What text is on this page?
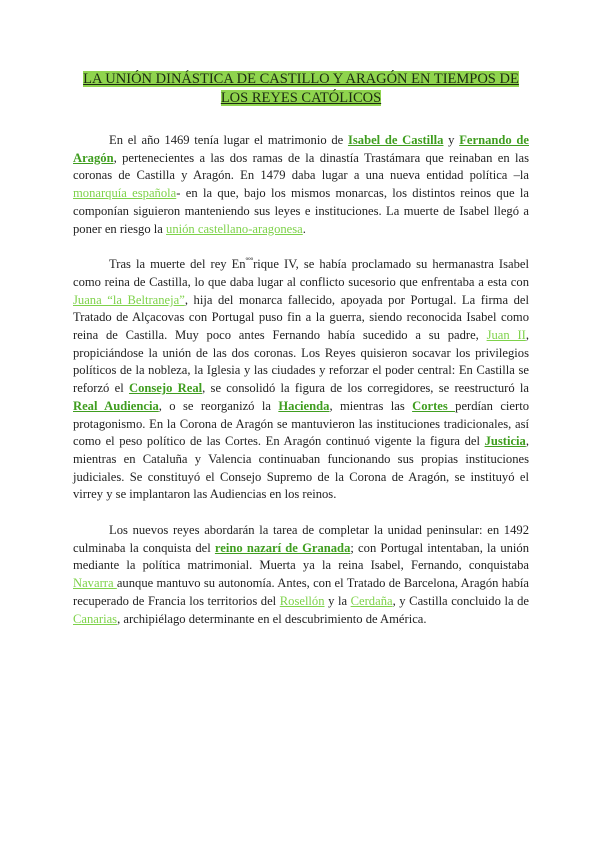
LA UNIÓN DINÁSTICA DE CASTILLO Y ARAGÓN EN TIEMPOS DE LOS REYES CATÓLICOS

En el año 1469 tenía lugar el matrimonio de Isabel de Castilla y Fernando de Aragón, pertenecientes a las dos ramas de la dinastía Trastámara que reinaban en las coronas de Castilla y Aragón. En 1479 daba lugar a una nueva entidad política –la monarquía española- en la que, bajo los mismos monarcas, los distintos reinos que la componían siguieron manteniendo sus leyes e instituciones. La muerte de Isabel llegó a poner en riesgo la unión castellano-aragonesa.

Tras la muerte del rey $En^{ººº}rique$ IV, se había proclamado su hermanastra Isabel como reina de Castilla, lo que daba lugar al conflicto sucesorio que enfrentaba a esta con Juana “la Beltraneja”, hija del monarca fallecido, apoyada por Portugal. La firma del Tratado de Alçacovas con Portugal puso fin a la guerra, siendo reconocida Isabel como reina de Castilla. Muy poco antes Fernando había sucedido a su padre, Juan II, propiciándose la unión de las dos coronas. Los Reyes quisieron socavar los privilegios políticos de la nobleza, la Iglesia y las ciudades y reforzar el poder central: En Castilla se reforzó el Consejo Real, se consolidó la figura de los corregidores, se reestructuró la Real Audiencia, o se reorganizó la Hacienda, mientras las Cortes perdían cierto protagonismo. En la Corona de Aragón se mantuvieron las instituciones tradicionales, así como el peso político de las Cortes. En Aragón continuó vigente la figura del Justicia, mientras en Cataluña y Valencia continuaban funcionando sus propias instituciones judiciales. Se constituyó el Consejo Supremo de la Corona de Aragón, se instituyó el virrey y se implantaron las Audiencias en los reinos.

Los nuevos reyes abordarán la tarea de completar la unidad peninsular: en 1492 culminaba la conquista del reino nazarí de Granada; con Portugal intentaban, la unión mediante la política matrimonial. Muerta ya la reina Isabel, Fernando, conquistaba Navarra aunque mantuvo su autonomía. Antes, con el Tratado de Barcelona, Aragón había recuperado de Francia los territorios del Rosellón y la Cerdaña, y Castilla concluido la de Canarias, archipiélago determinante en el descubrimiento de América.
